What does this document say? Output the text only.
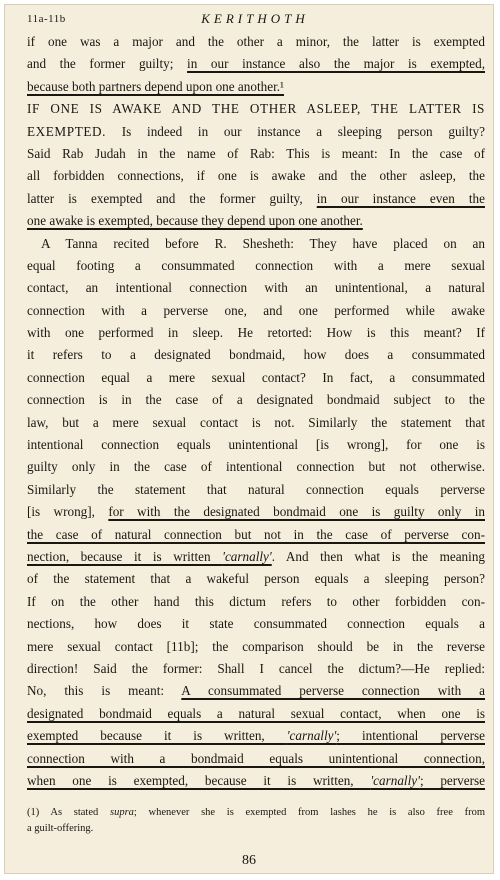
11a-11b	KERITHOTH
if one was a major and the other a minor, the latter is exempted
and the former guilty; in our instance also the major is exempted,
because both partners depend upon one another.¹
IF ONE IS AWAKE AND THE OTHER ASLEEP, THE LATTER IS
EXEMPTED. Is indeed in our instance a sleeping person guilty?
Said Rab Judah in the name of Rab: This is meant: In the case of
all forbidden connections, if one is awake and the other asleep, the
latter is exempted and the former guilty, in our instance even the
one awake is exempted, because they depend upon one another.
A Tanna recited before R. Shesheth: They have placed on an
equal footing a consummated connection with a mere sexual
contact, an intentional connection with an unintentional, a natural
connection with a perverse one, and one performed while awake
with one performed in sleep. He retorted: How is this meant? If
it refers to a designated bondmaid, how does a consummated
connection equal a mere sexual contact? In fact, a consummated
connection is in the case of a designated bondmaid subject to the
law, but a mere sexual contact is not. Similarly the statement that
intentional connection equals unintentional [is wrong], for one is
guilty only in the case of intentional connection but not otherwise.
Similarly the statement that natural connection equals perverse
[is wrong], for with the designated bondmaid one is guilty only in
the case of natural connection but not in the case of perverse con-
nection, because it is written 'carnally'. And then what is the meaning
of the statement that a wakeful person equals a sleeping person?
If on the other hand this dictum refers to other forbidden con-
nections, how does it state consummated connection equals a
mere sexual contact [11b]; the comparison should be in the reverse
direction! Said the former: Shall I cancel the dictum?—He replied:
No, this is meant: A consummated perverse connection with a
designated bondmaid equals a natural sexual contact, when one is
exempted because it is written, 'carnally'; intentional perverse
connection with a bondmaid equals unintentional connection,
when one is exempted, because it is written, 'carnally'; perverse
(1) As stated supra; whenever she is exempted from lashes he is also free from
a guilt-offering.
86
